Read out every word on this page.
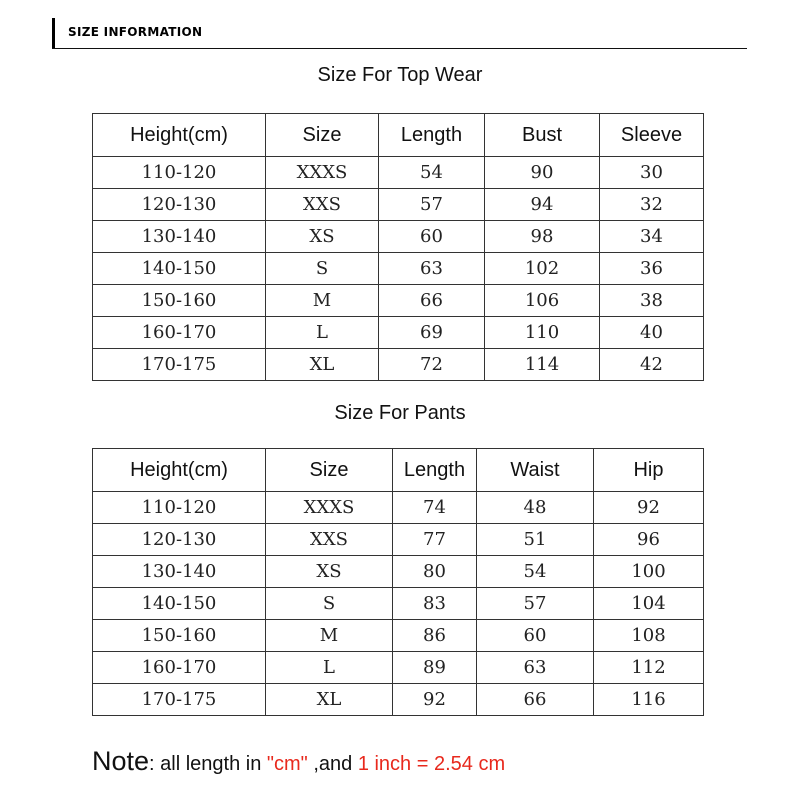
SIZE INFORMATION
Size For Top Wear
Height(cm)	Size	Length	Bust	Sleeve
110-120	XXXS	54	90	30
120-130	XXS	57	94	32
130-140	XS	60	98	34
140-150	S	63	102	36
150-160	M	66	106	38
160-170	L	69	110	40
170-175	XL	72	114	42
Size For Pants
Height(cm)	Size	Length	Waist	Hip
110-120	XXXS	74	48	92
120-130	XXS	77	51	96
130-140	XS	80	54	100
140-150	S	83	57	104
150-160	M	86	60	108
160-170	L	89	63	112
170-175	XL	92	66	116
Note: all length in "cm" ,and 1 inch = 2.54 cm
